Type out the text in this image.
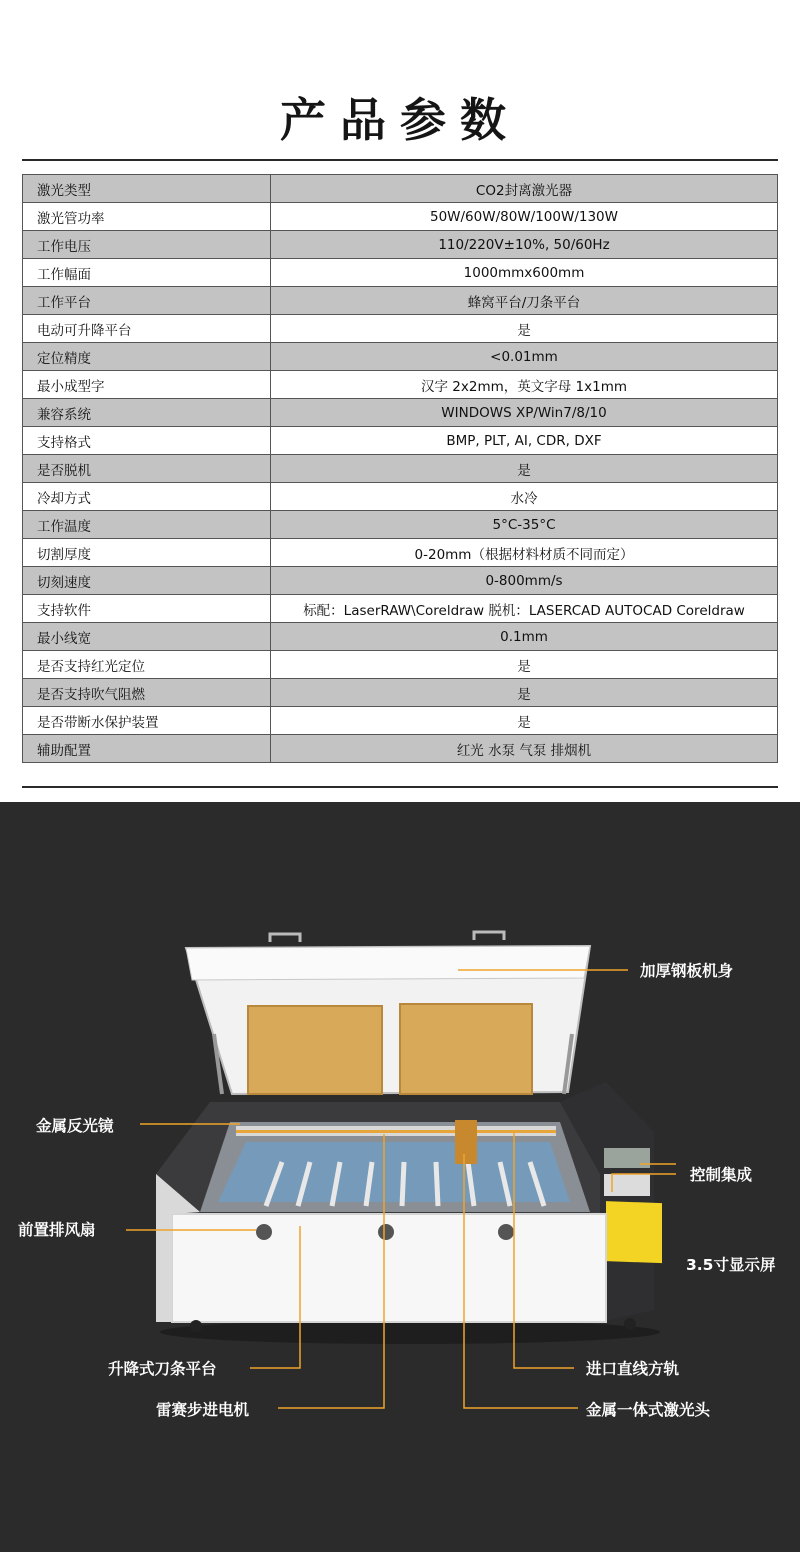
产品参数
激光类型	CO2封离激光器
激光管功率	50W/60W/80W/100W/130W
工作电压	110/220V±10%, 50/60Hz
工作幅面	1000mmx600mm
工作平台	蜂窝平台/刀条平台
电动可升降平台	是
定位精度	<0.01mm
最小成型字	汉字 2x2mm，英文字母 1x1mm
兼容系统	WINDOWS XP/Win7/8/10
支持格式	BMP, PLT, AI, CDR, DXF
是否脱机	是
冷却方式	水冷
工作温度	5°C-35°C
切割厚度	0-20mm（根据材料材质不同而定）
切刻速度	0-800mm/s
支持软件	标配：LaserRAW\Coreldraw 脱机：LASERCAD AUTOCAD Coreldraw
最小线宽	0.1mm
是否支持红光定位	是
是否支持吹气阻燃	是
是否带断水保护装置	是
辅助配置	红光 水泵 气泵 排烟机
加厚钢板机身
控制集成
3.5寸显示屏
金属反光镜
前置排风扇
升降式刀条平台
雷赛步进电机
进口直线方轨
金属一体式激光头
